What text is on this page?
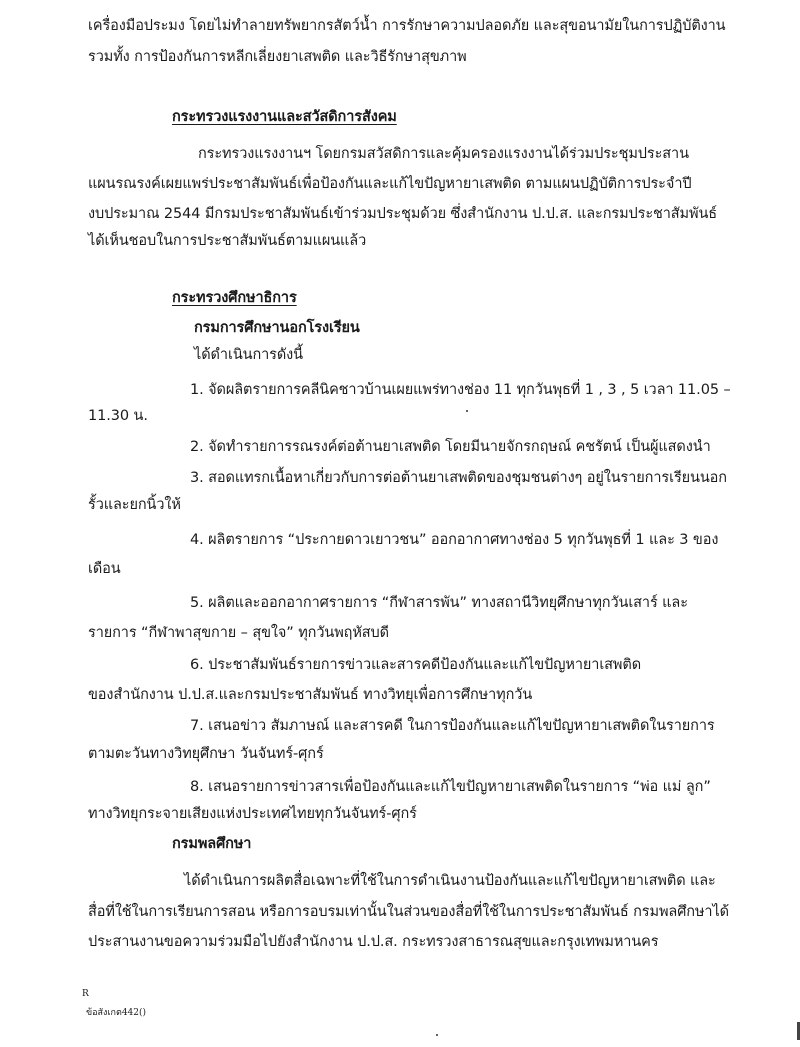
เครื่องมือประมง โดยไม่ทำลายทรัพยากรสัตว์น้ำ การรักษาความปลอดภัย และสุขอนามัยในการปฏิบัติงาน
รวมทั้ง การป้องกันการหลีกเลี่ยงยาเสพติด และวิธีรักษาสุขภาพ
กระทรวงแรงงานและสวัสดิการสังคม
กระทรวงแรงงานฯ โดยกรมสวัสดิการและคุ้มครองแรงงานได้ร่วมประชุมประสาน
แผนรณรงค์เผยแพร่ประชาสัมพันธ์เพื่อป้องกันและแก้ไขปัญหายาเสพติด ตามแผนปฏิบัติการประจำปี
งบประมาณ 2544 มีกรมประชาสัมพันธ์เข้าร่วมประชุมด้วย ซึ่งสำนักงาน ป.ป.ส. และกรมประชาสัมพันธ์
ได้เห็นชอบในการประชาสัมพันธ์ตามแผนแล้ว
กระทรวงศึกษาธิการ
กรมการศึกษานอกโรงเรียน
ได้ดำเนินการดังนี้
1. จัดผลิตรายการคลีนิคชาวบ้านเผยแพร่ทางช่อง 11 ทุกวันพุธที่ 1 , 3 , 5 เวลา 11.05 –
11.30 น.
2. จัดทำรายการรณรงค์ต่อต้านยาเสพติด โดยมีนายจักรกฤษณ์ คชรัตน์ เป็นผู้แสดงนำ
3. สอดแทรกเนื้อหาเกี่ยวกับการต่อต้านยาเสพติดของชุมชนต่างๆ อยู่ในรายการเรียนนอก
รั้วและยกนิ้วให้
4. ผลิตรายการ “ประกายดาวเยาวชน” ออกอากาศทางช่อง 5 ทุกวันพุธที่ 1 และ 3 ของ
เดือน
5. ผลิตและออกอากาศรายการ “กีฬาสารพัน” ทางสถานีวิทยุศึกษาทุกวันเสาร์ และ
รายการ “กีฬาพาสุขกาย – สุขใจ” ทุกวันพฤหัสบดี
6. ประชาสัมพันธ์รายการข่าวและสารคดีป้องกันและแก้ไขปัญหายาเสพติด
ของสำนักงาน ป.ป.ส.และกรมประชาสัมพันธ์ ทางวิทยุเพื่อการศึกษาทุกวัน
7. เสนอข่าว สัมภาษณ์ และสารคดี ในการป้องกันและแก้ไขปัญหายาเสพติดในรายการ
ตามตะวันทางวิทยุศึกษา วันจันทร์-ศุกร์
8. เสนอรายการข่าวสารเพื่อป้องกันและแก้ไขปัญหายาเสพติดในรายการ “พ่อ แม่ ลูก”
ทางวิทยุกระจายเสียงแห่งประเทศไทยทุกวันจันทร์-ศุกร์
กรมพลศึกษา
ได้ดำเนินการผลิตสื่อเฉพาะที่ใช้ในการดำเนินงานป้องกันและแก้ไขปัญหายาเสพติด และ
สื่อที่ใช้ในการเรียนการสอน หรือการอบรมเท่านั้นในส่วนของสื่อที่ใช้ในการประชาสัมพันธ์ กรมพลศึกษาได้
ประสานงานขอความร่วมมือไปยังสำนักงาน ป.ป.ส. กระทรวงสาธารณสุขและกรุงเทพมหานคร
R
ข้อสังเกต442()
